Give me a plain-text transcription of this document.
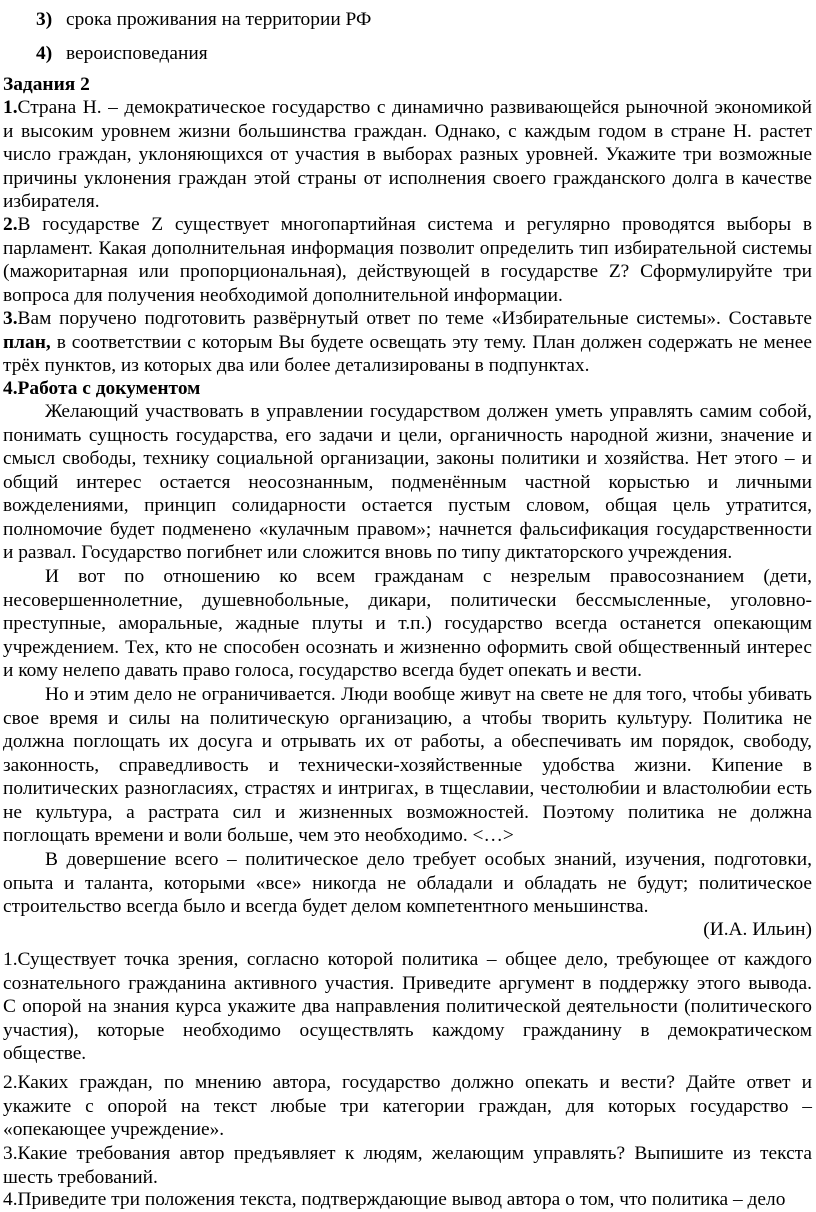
3) срока проживания на территории РФ
4) вероисповедания
Задания 2
1.Страна Н. – демократическое государство с динамично развивающейся рыночной экономикой
и высоким уровнем жизни большинства граждан. Однако, с каждым годом в стране Н. растет
число граждан, уклоняющихся от участия в выборах разных уровней. Укажите три возможные
причины уклонения граждан этой страны от исполнения своего гражданского долга в качестве
избирателя.
2.В государстве Z существует многопартийная система и регулярно проводятся выборы в
парламент. Какая дополнительная информация позволит определить тип избирательной системы
(мажоритарная или пропорциональная), действующей в государстве Z? Сформулируйте три
вопроса для получения необходимой дополнительной информации.
3.Вам поручено подготовить развёрнутый ответ по теме «Избирательные системы». Составьте
план, в соответствии с которым Вы будете освещать эту тему. План должен содержать не менее
трёх пунктов, из которых два или более детализированы в подпунктах.
4.Работа с документом
Желающий участвовать в управлении государством должен уметь управлять самим собой,
понимать сущность государства, его задачи и цели, органичность народной жизни, значение и
смысл свободы, технику социальной организации, законы политики и хозяйства. Нет этого – и
общий интерес остается неосознанным, подменённым частной корыстью и личными
вожделениями, принцип солидарности остается пустым словом, общая цель утратится,
полномочие будет подменено «кулачным правом»; начнется фальсификация государственности
и развал. Государство погибнет или сложится вновь по типу диктаторского учреждения.
И вот по отношению ко всем гражданам с незрелым правосознанием (дети,
несовершеннолетние, душевнобольные, дикари, политически бессмысленные, уголовно-
преступные, аморальные, жадные плуты и т.п.) государство всегда останется опекающим
учреждением. Тех, кто не способен осознать и жизненно оформить свой общественный интерес
и кому нелепо давать право голоса, государство всегда будет опекать и вести.
Но и этим дело не ограничивается. Люди вообще живут на свете не для того, чтобы убивать
свое время и силы на политическую организацию, а чтобы творить культуру. Политика не
должна поглощать их досуга и отрывать их от работы, а обеспечивать им порядок, свободу,
законность, справедливость и технически-хозяйственные удобства жизни. Кипение в
политических разногласиях, страстях и интригах, в тщеславии, честолюбии и властолюбии есть
не культура, а растрата сил и жизненных возможностей. Поэтому политика не должна
поглощать времени и воли больше, чем это необходимо. <…>
В довершение всего – политическое дело требует особых знаний, изучения, подготовки,
опыта и таланта, которыми «все» никогда не обладали и обладать не будут; политическое
строительство всегда было и всегда будет делом компетентного меньшинства.
(И.А. Ильин)
1.Существует точка зрения, согласно которой политика – общее дело, требующее от каждого
сознательного гражданина активного участия. Приведите аргумент в поддержку этого вывода.
С опорой на знания курса укажите два направления политической деятельности (политического
участия), которые необходимо осуществлять каждому гражданину в демократическом
обществе.
2.Каких граждан, по мнению автора, государство должно опекать и вести? Дайте ответ и
укажите с опорой на текст любые три категории граждан, для которых государство –
«опекающее учреждение».
3.Какие требования автор предъявляет к людям, желающим управлять? Выпишите из текста
шесть требований.
4.Приведите три положения текста, подтверждающие вывод автора о том, что политика – дело
